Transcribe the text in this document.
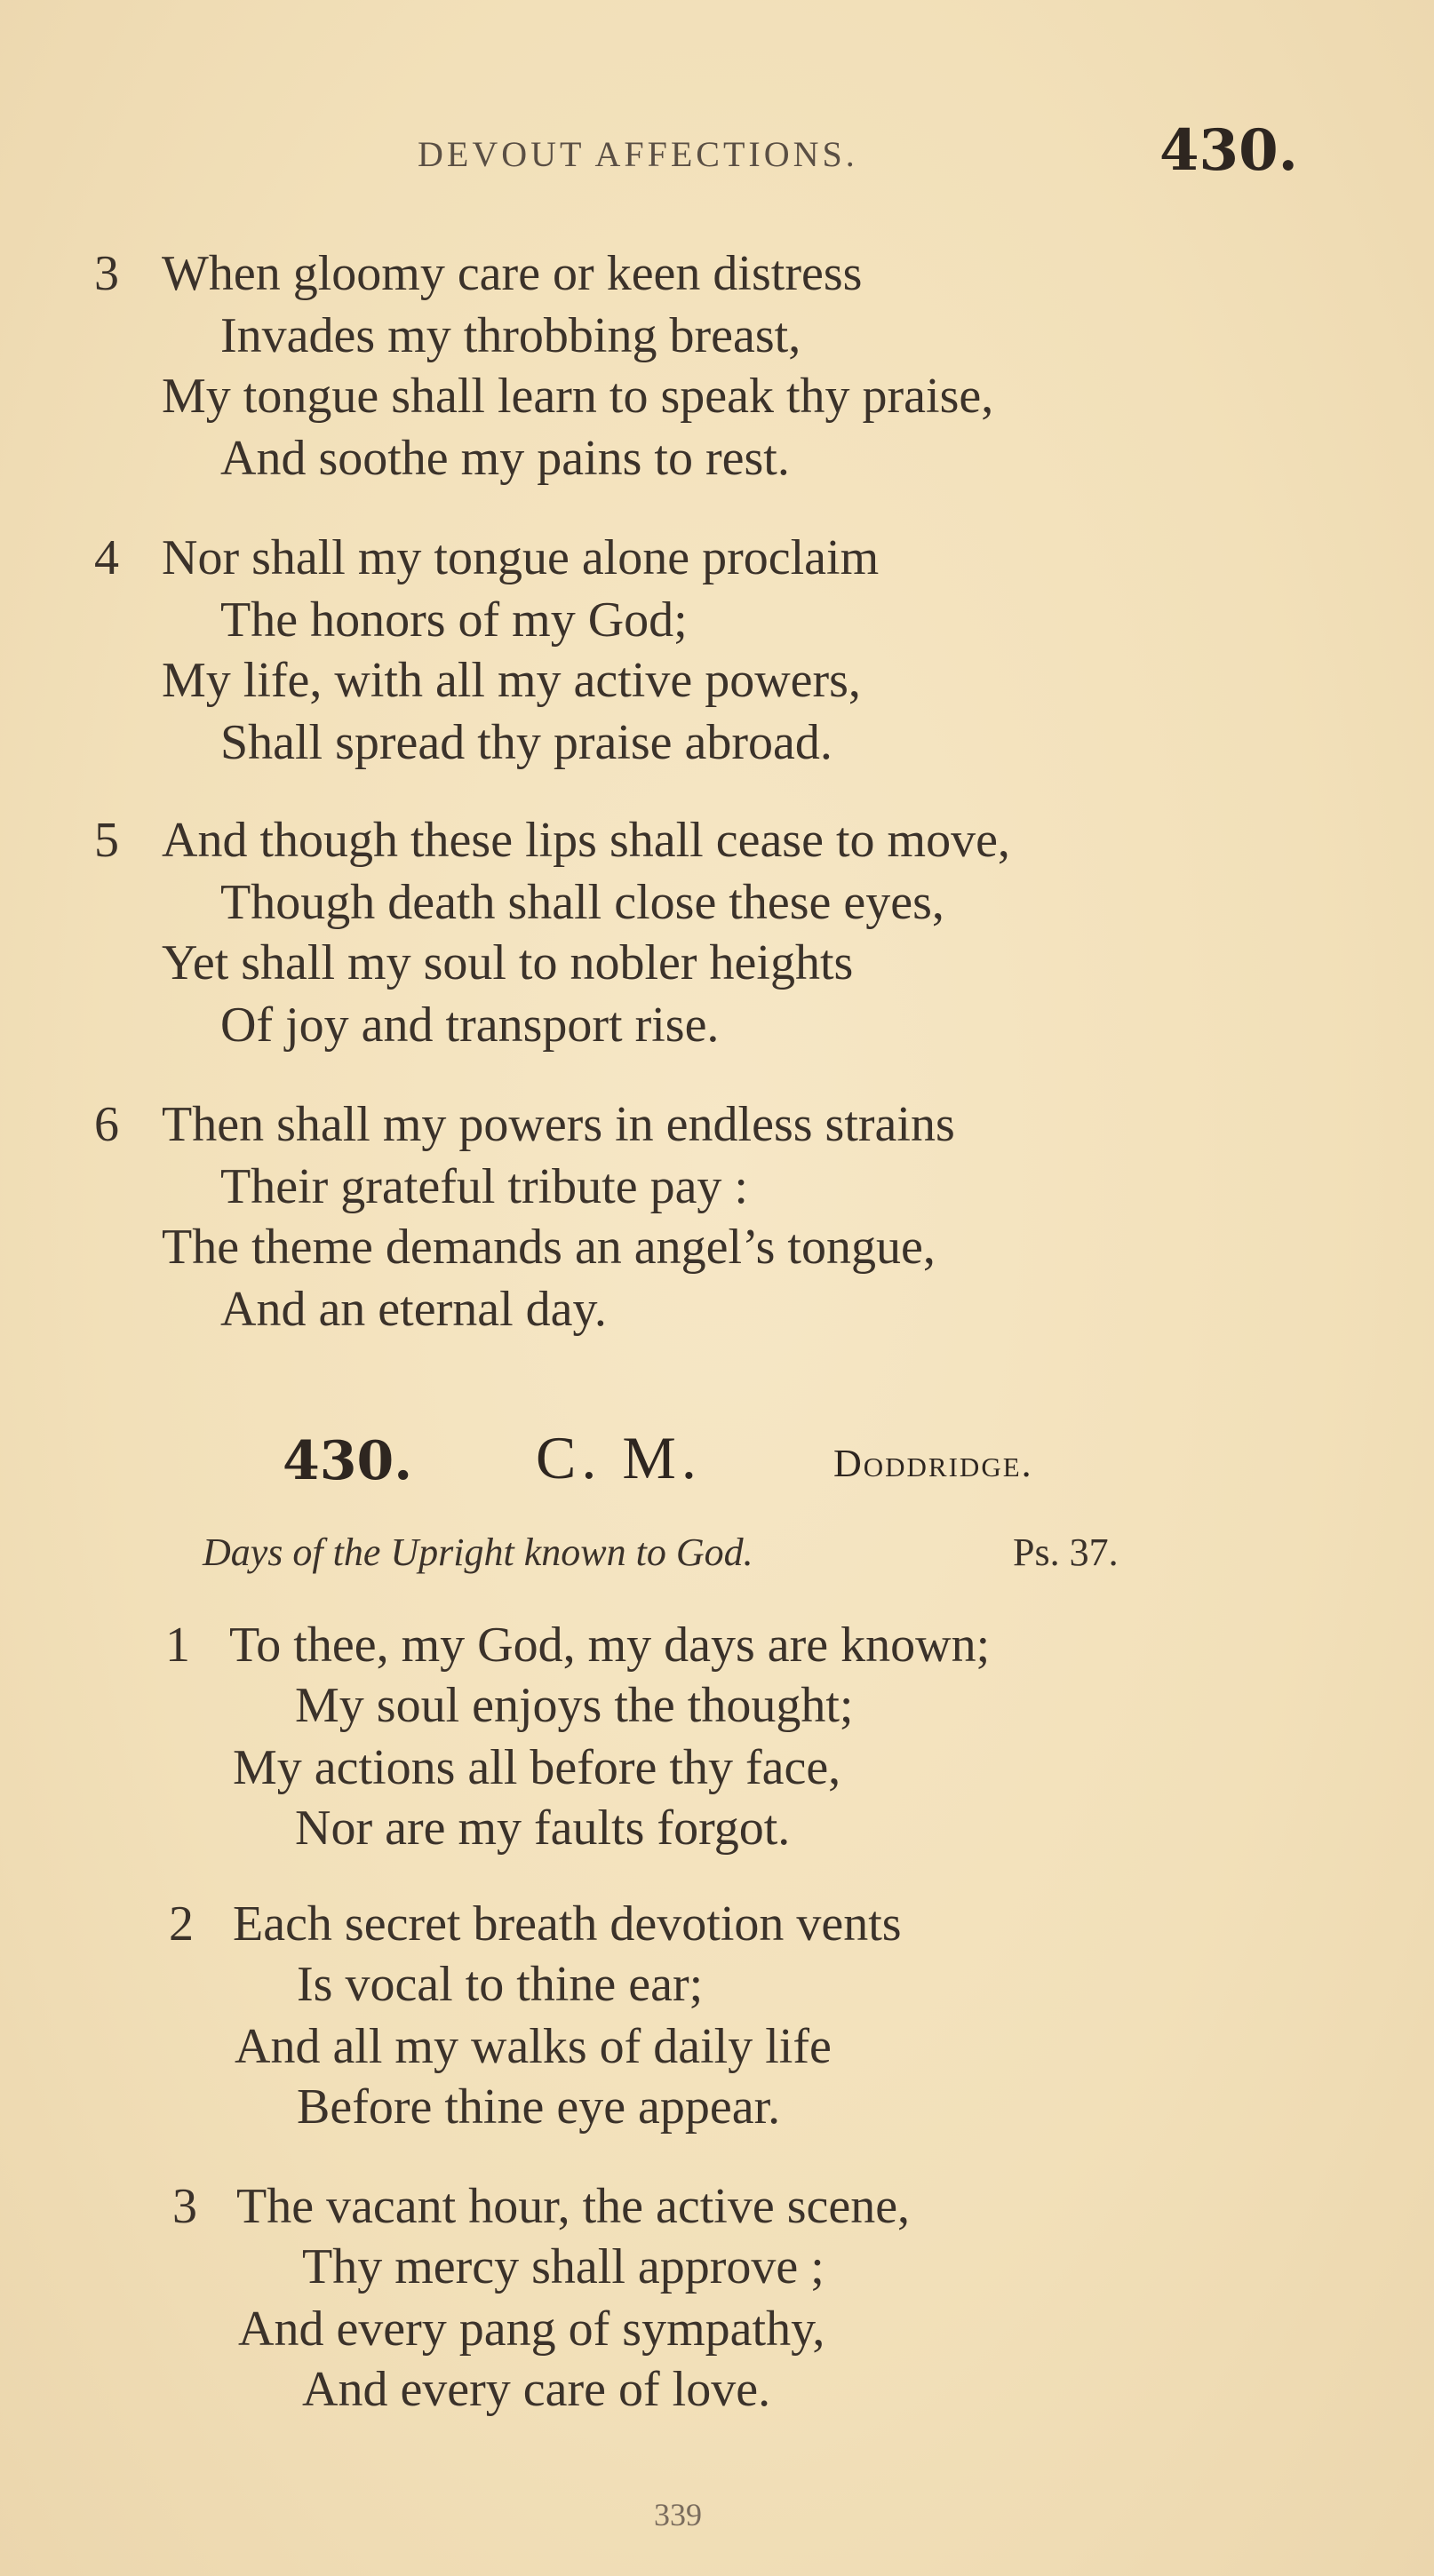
DEVOUT AFFECTIONS.	430.
3 When gloomy care or keen distress
Invades my throbbing breast,
My tongue shall learn to speak thy praise,
And soothe my pains to rest.
4 Nor shall my tongue alone proclaim
The honors of my God;
My life, with all my active powers,
Shall spread thy praise abroad.
5 And though these lips shall cease to move,
Though death shall close these eyes,
Yet shall my soul to nobler heights
Of joy and transport rise.
6 Then shall my powers in endless strains
Their grateful tribute pay :
The theme demands an angel’s tongue,
And an eternal day.
430. C. M.	Doddridge.
Days of the Upright known to God.	Ps. 37.
1 To thee, my God, my days are known;
My soul enjoys the thought;
My actions all before thy face,
Nor are my faults forgot.
2 Each secret breath devotion vents
Is vocal to thine ear;
And all my walks of daily life
Before thine eye appear.
3 The vacant hour, the active scene,
Thy mercy shall approve ;
And every pang of sympathy,
And every care of love.
339
